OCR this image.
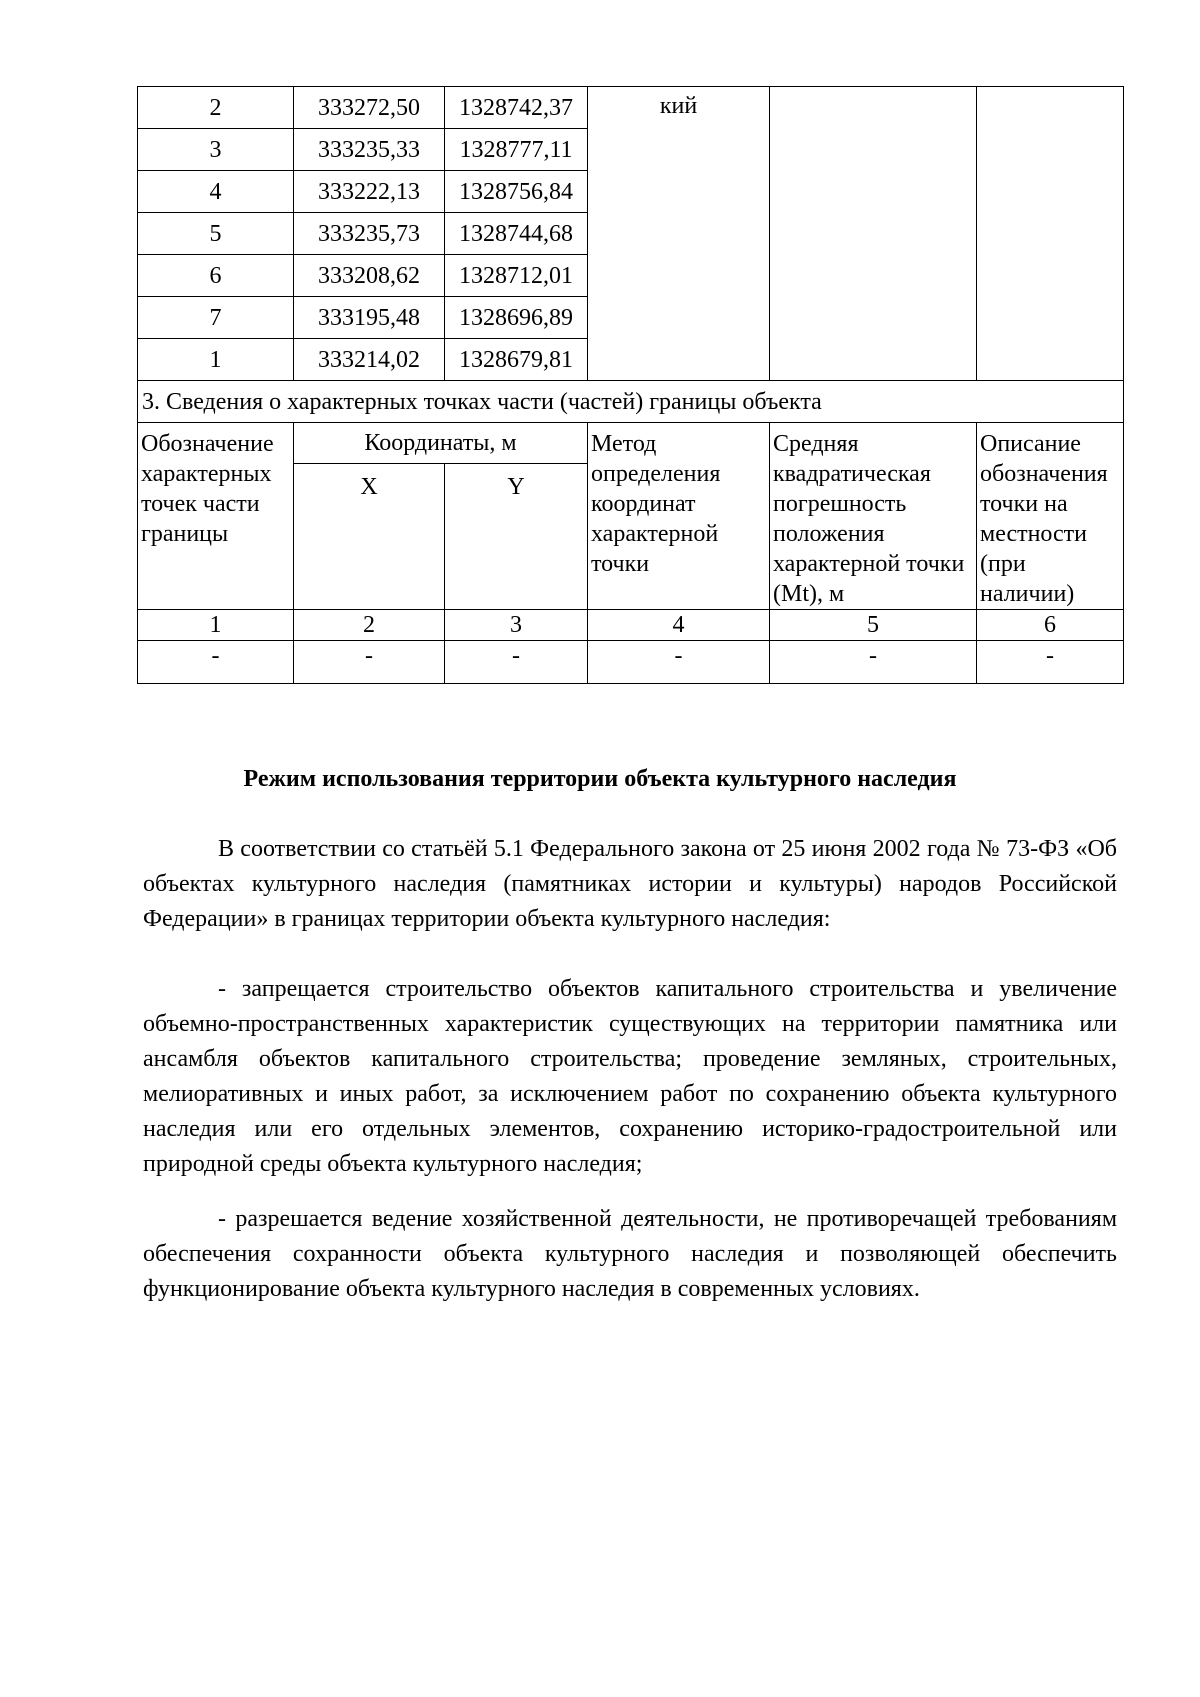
2	333272,50	1328742,37	кий		
3	333235,33	1328777,11			
4	333222,13	1328756,84			
5	333235,73	1328744,68			
6	333208,62	1328712,01			
7	333195,48	1328696,89			
1	333214,02	1328679,81			
3. Сведения о характерных точках части (частей) границы объекта					
Обозначение характерных точек части границы	Координаты, м		Метод определения координат характерной точки	Средняя квадратическая погрешность положения характерной точки (Mt), м	Описание обозначения точки на местности (при наличии)
	X	Y			
1	2	3	4	5	6
-	-	-	-	-	-
Режим использования территории объекта культурного наследия
В соответствии со статьёй 5.1 Федерального закона от 25 июня 2002 года № 73-ФЗ «Об объектах культурного наследия (памятниках истории и культуры) народов Российской Федерации» в границах территории объекта культурного наследия:
- запрещается строительство объектов капитального строительства и увеличение объемно-пространственных характеристик существующих на территории памятника или ансамбля объектов капитального строительства; проведение земляных, строительных, мелиоративных и иных работ, за исключением работ по сохранению объекта культурного наследия или его отдельных элементов, сохранению историко-градостроительной или природной среды объекта культурного наследия;
- разрешается ведение хозяйственной деятельности, не противоречащей требованиям обеспечения сохранности объекта культурного наследия и позволяющей обеспечить функционирование объекта культурного наследия в современных условиях.
